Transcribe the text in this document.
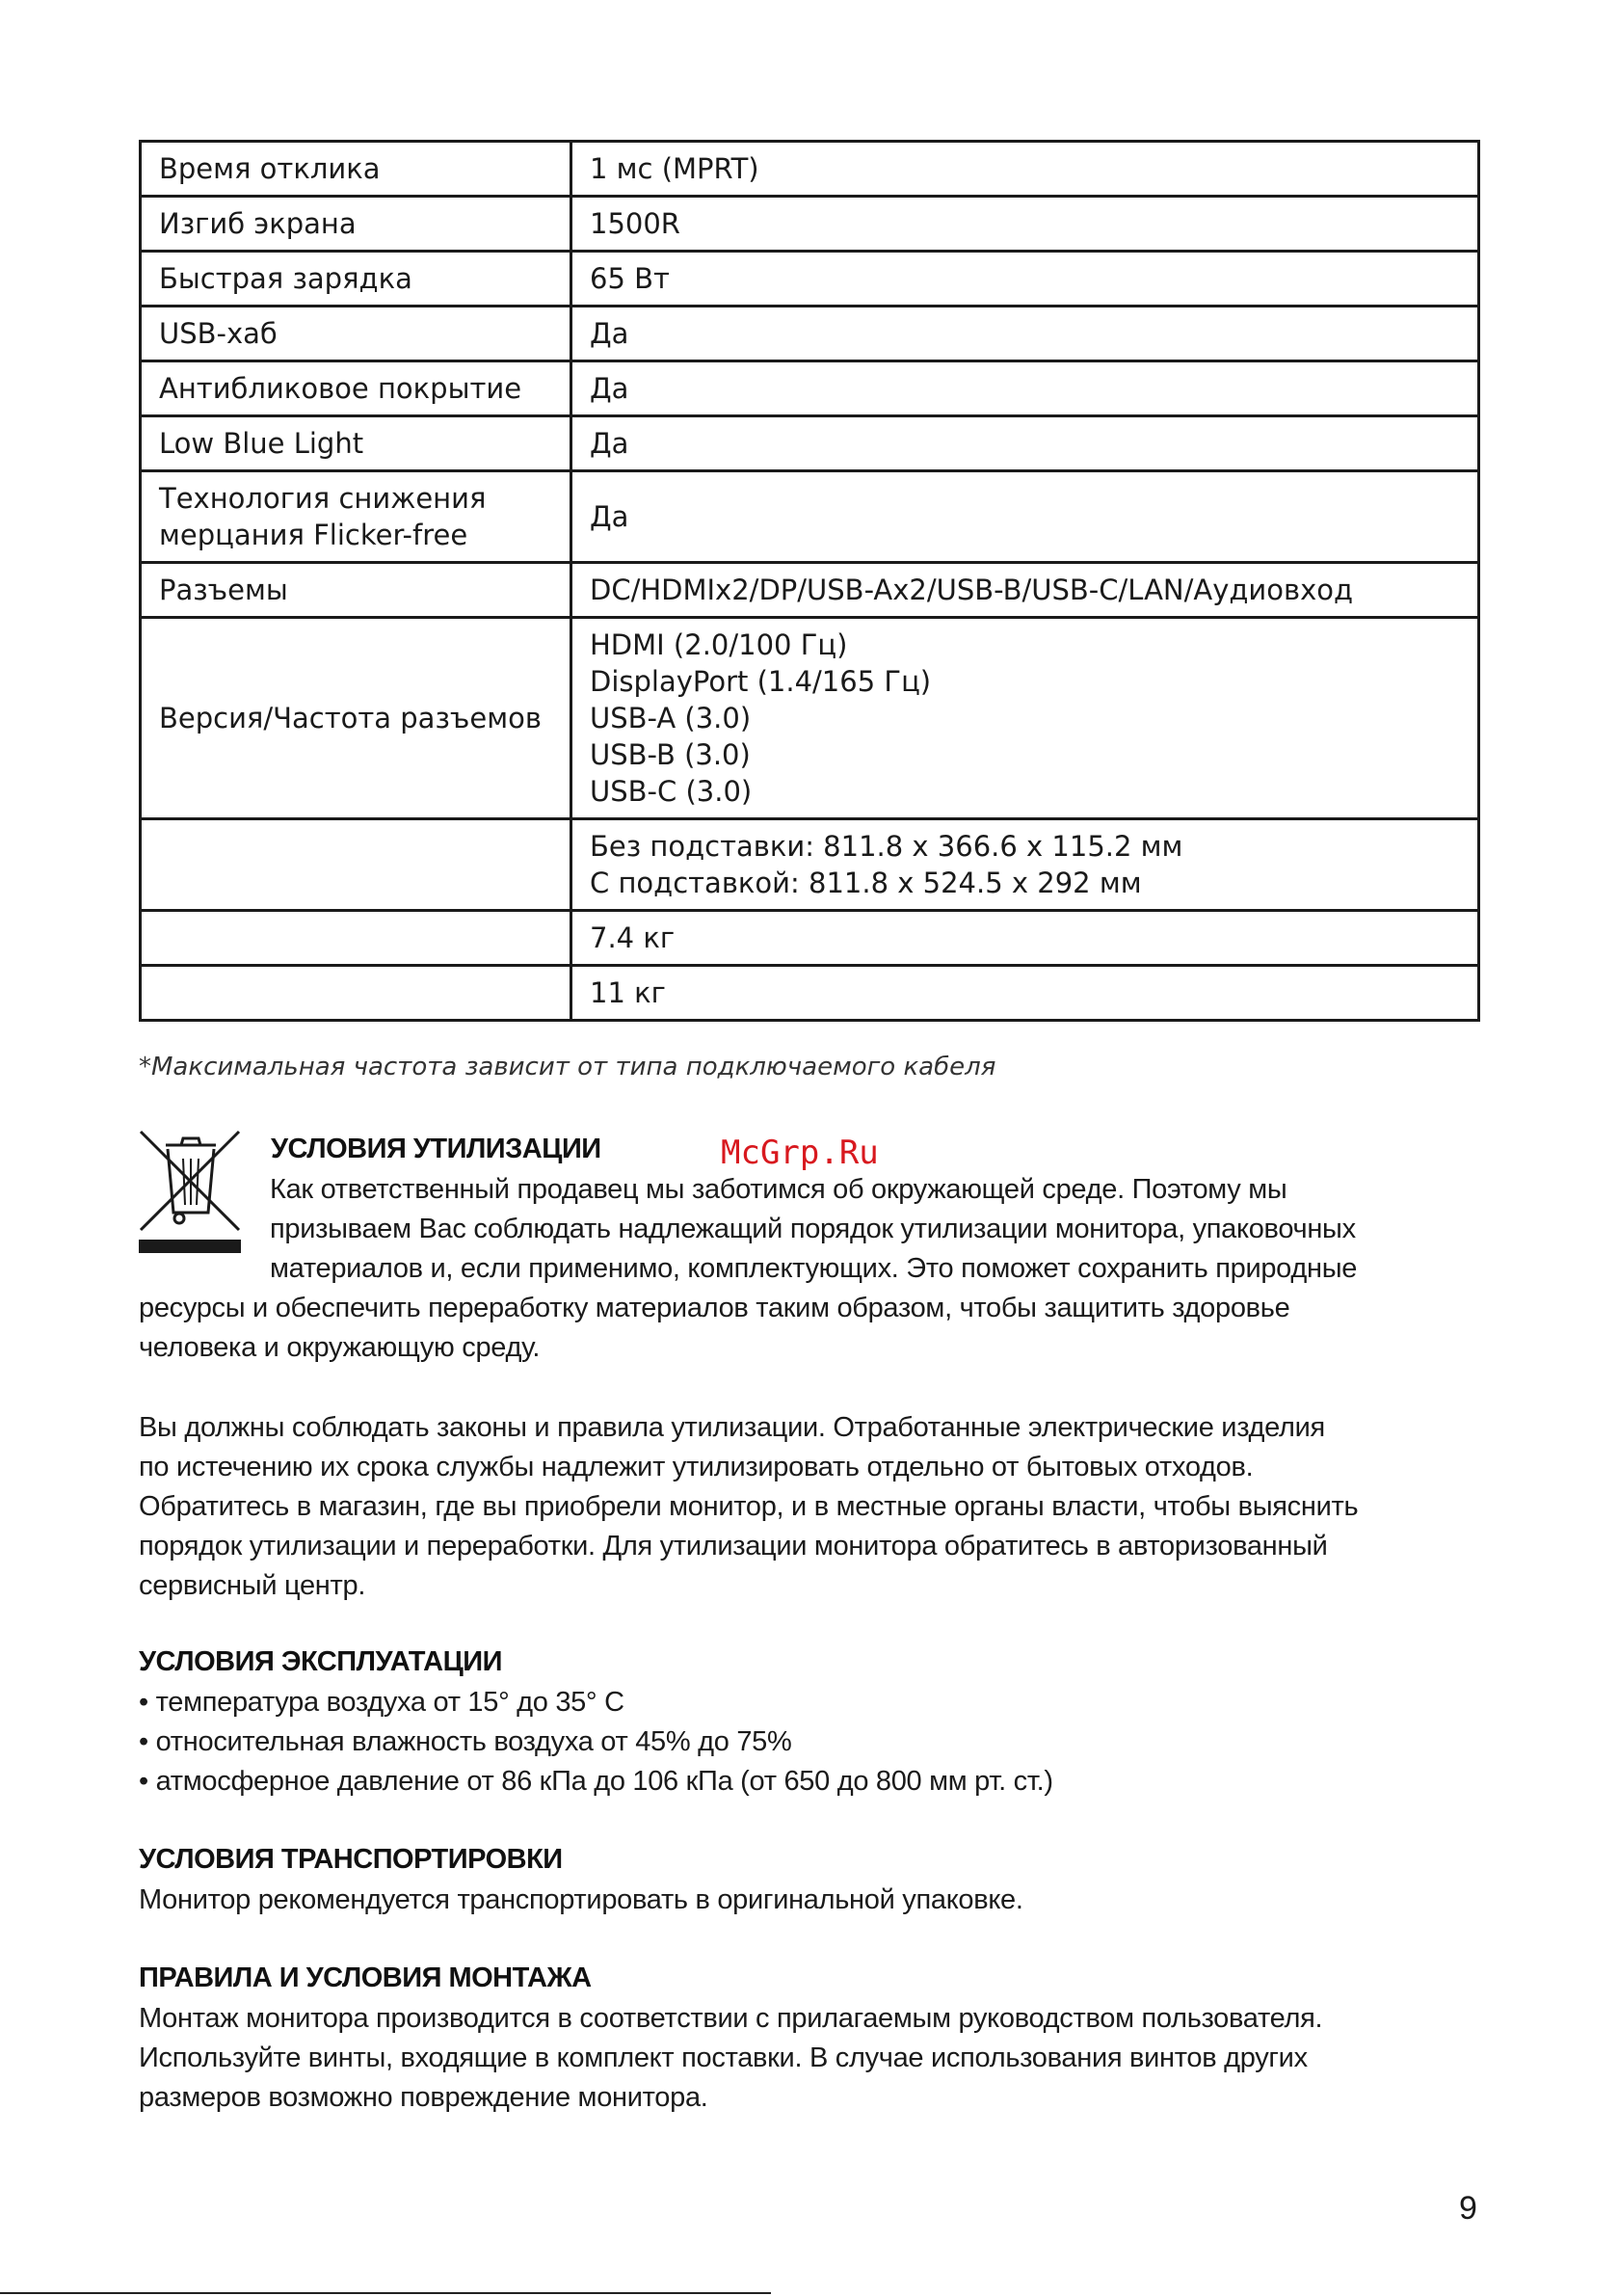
Время отклика	1 мс (MPRT)
Изгиб экрана	1500R
Быстрая зарядка	65 Вт
USB-хаб	Да
Антибликовое покрытие	Да
Low Blue Light	Да
Технология снижения
мерцания Flicker-free	Да
Разъемы	DC/HDMIx2/DP/USB-Ax2/USB-B/USB-C/LAN/Аудиовход
Версия/Частота разъемов	HDMI (2.0/100 Гц)
DisplayPort (1.4/165 Гц)
USB-A (3.0)
USB-B (3.0)
USB-C (3.0)
	Без подставки: 811.8 x 366.6 x 115.2 мм
С подставкой: 811.8 x 524.5 x 292 мм
	7.4 кг
	11 кг
*Максимальная частота зависит от типа подключаемого кабеля
McGrp.Ru
УСЛОВИЯ УТИЛИЗАЦИИ
Как ответственный продавец мы заботимся об окружающей среде. Поэтому мы
призываем Вас соблюдать надлежащий порядок утилизации монитора, упаковочных
материалов и, если применимо, комплектующих. Это поможет сохранить природные
ресурсы и обеспечить переработку материалов таким образом, чтобы защитить здоровье
человека и окружающую среду.
Вы должны соблюдать законы и правила утилизации. Отработанные электрические изделия
по истечению их срока службы надлежит утилизировать отдельно от бытовых отходов.
Обратитесь в магазин, где вы приобрели монитор, и в местные органы власти, чтобы выяснить
порядок утилизации и переработки. Для утилизации монитора обратитесь в авторизованный
сервисный центр.
УСЛОВИЯ ЭКСПЛУАТАЦИИ
• температура воздуха от 15° до 35° С
• относительная влажность воздуха от 45% до 75%
• атмосферное давление от 86 кПа до 106 кПа (от 650 до 800 мм рт. ст.)
УСЛОВИЯ ТРАНСПОРТИРОВКИ
Монитор рекомендуется транспортировать в оригинальной упаковке.
ПРАВИЛА И УСЛОВИЯ МОНТАЖА
Монтаж монитора производится в соответствии с прилагаемым руководством пользователя.
Используйте винты, входящие в комплект поставки. В случае использования винтов других
размеров возможно повреждение монитора.
9
